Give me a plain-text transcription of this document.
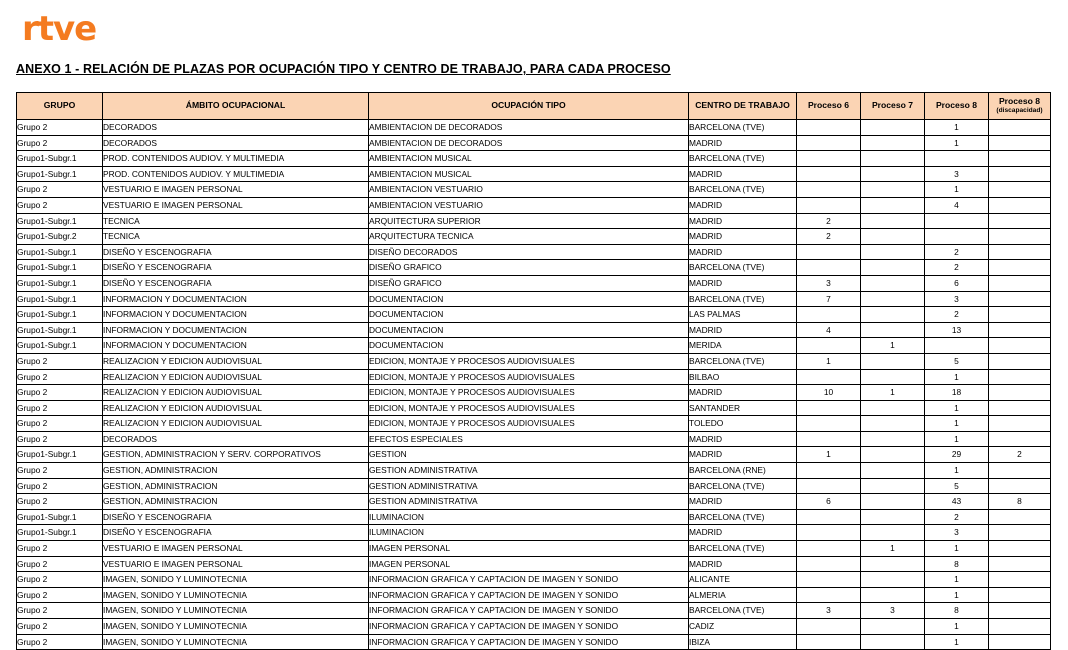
rtve
ANEXO 1 - RELACIÓN DE PLAZAS POR OCUPACIÓN TIPO Y CENTRO DE TRABAJO, PARA CADA PROCESO
GRUPO	ÁMBITO OCUPACIONAL	OCUPACIÓN TIPO	CENTRO DE TRABAJO	Proceso 6	Proceso 7	Proceso 8	Proceso 8
(discapacidad)

Grupo 2	DECORADOS	AMBIENTACION DE DECORADOS	BARCELONA (TVE)			1	
Grupo 2	DECORADOS	AMBIENTACION DE DECORADOS	MADRID			1	
Grupo1-Subgr.1	PROD. CONTENIDOS AUDIOV. Y MULTIMEDIA	AMBIENTACION MUSICAL	BARCELONA (TVE)				
Grupo1-Subgr.1	PROD. CONTENIDOS AUDIOV. Y MULTIMEDIA	AMBIENTACION MUSICAL	MADRID			3	
Grupo 2	VESTUARIO E IMAGEN PERSONAL	AMBIENTACION VESTUARIO	BARCELONA (TVE)			1	
Grupo 2	VESTUARIO E IMAGEN PERSONAL	AMBIENTACION VESTUARIO	MADRID			4	
Grupo1-Subgr.1	TECNICA	ARQUITECTURA SUPERIOR	MADRID	2			
Grupo1-Subgr.2	TECNICA	ARQUITECTURA TECNICA	MADRID	2			
Grupo1-Subgr.1	DISEÑO Y ESCENOGRAFIA	DISEÑO DECORADOS	MADRID			2	
Grupo1-Subgr.1	DISEÑO Y ESCENOGRAFIA	DISEÑO GRAFICO	BARCELONA (TVE)			2	
Grupo1-Subgr.1	DISEÑO Y ESCENOGRAFIA	DISEÑO GRAFICO	MADRID	3		6	
Grupo1-Subgr.1	INFORMACION Y DOCUMENTACION	DOCUMENTACION	BARCELONA (TVE)	7		3	
Grupo1-Subgr.1	INFORMACION Y DOCUMENTACION	DOCUMENTACION	LAS PALMAS			2	
Grupo1-Subgr.1	INFORMACION Y DOCUMENTACION	DOCUMENTACION	MADRID	4		13	
Grupo1-Subgr.1	INFORMACION Y DOCUMENTACION	DOCUMENTACION	MERIDA		1		
Grupo 2	REALIZACION Y EDICION AUDIOVISUAL	EDICION, MONTAJE Y PROCESOS AUDIOVISUALES	BARCELONA (TVE)	1		5	
Grupo 2	REALIZACION Y EDICION AUDIOVISUAL	EDICION, MONTAJE Y PROCESOS AUDIOVISUALES	BILBAO			1	
Grupo 2	REALIZACION Y EDICION AUDIOVISUAL	EDICION, MONTAJE Y PROCESOS AUDIOVISUALES	MADRID	10	1	18	
Grupo 2	REALIZACION Y EDICION AUDIOVISUAL	EDICION, MONTAJE Y PROCESOS AUDIOVISUALES	SANTANDER			1	
Grupo 2	REALIZACION Y EDICION AUDIOVISUAL	EDICION, MONTAJE Y PROCESOS AUDIOVISUALES	TOLEDO			1	
Grupo 2	DECORADOS	EFECTOS ESPECIALES	MADRID			1	
Grupo1-Subgr.1	GESTION, ADMINISTRACION Y SERV. CORPORATIVOS	GESTION	MADRID	1		29	2
Grupo 2	GESTION, ADMINISTRACION	GESTION ADMINISTRATIVA	BARCELONA (RNE)			1	
Grupo 2	GESTION, ADMINISTRACION	GESTION ADMINISTRATIVA	BARCELONA (TVE)			5	
Grupo 2	GESTION, ADMINISTRACION	GESTION ADMINISTRATIVA	MADRID	6		43	8
Grupo1-Subgr.1	DISEÑO Y ESCENOGRAFIA	ILUMINACION	BARCELONA (TVE)			2	
Grupo1-Subgr.1	DISEÑO Y ESCENOGRAFIA	ILUMINACION	MADRID			3	
Grupo 2	VESTUARIO E IMAGEN PERSONAL	IMAGEN PERSONAL	BARCELONA (TVE)		1	1	
Grupo 2	VESTUARIO E IMAGEN PERSONAL	IMAGEN PERSONAL	MADRID			8	
Grupo 2	IMAGEN, SONIDO Y LUMINOTECNIA	INFORMACION GRAFICA Y CAPTACION DE IMAGEN Y SONIDO	ALICANTE			1	
Grupo 2	IMAGEN, SONIDO Y LUMINOTECNIA	INFORMACION GRAFICA Y CAPTACION DE IMAGEN Y SONIDO	ALMERIA			1	
Grupo 2	IMAGEN, SONIDO Y LUMINOTECNIA	INFORMACION GRAFICA Y CAPTACION DE IMAGEN Y SONIDO	BARCELONA (TVE)	3	3	8	
Grupo 2	IMAGEN, SONIDO Y LUMINOTECNIA	INFORMACION GRAFICA Y CAPTACION DE IMAGEN Y SONIDO	CADIZ			1	
Grupo 2	IMAGEN, SONIDO Y LUMINOTECNIA	INFORMACION GRAFICA Y CAPTACION DE IMAGEN Y SONIDO	IBIZA			1	
